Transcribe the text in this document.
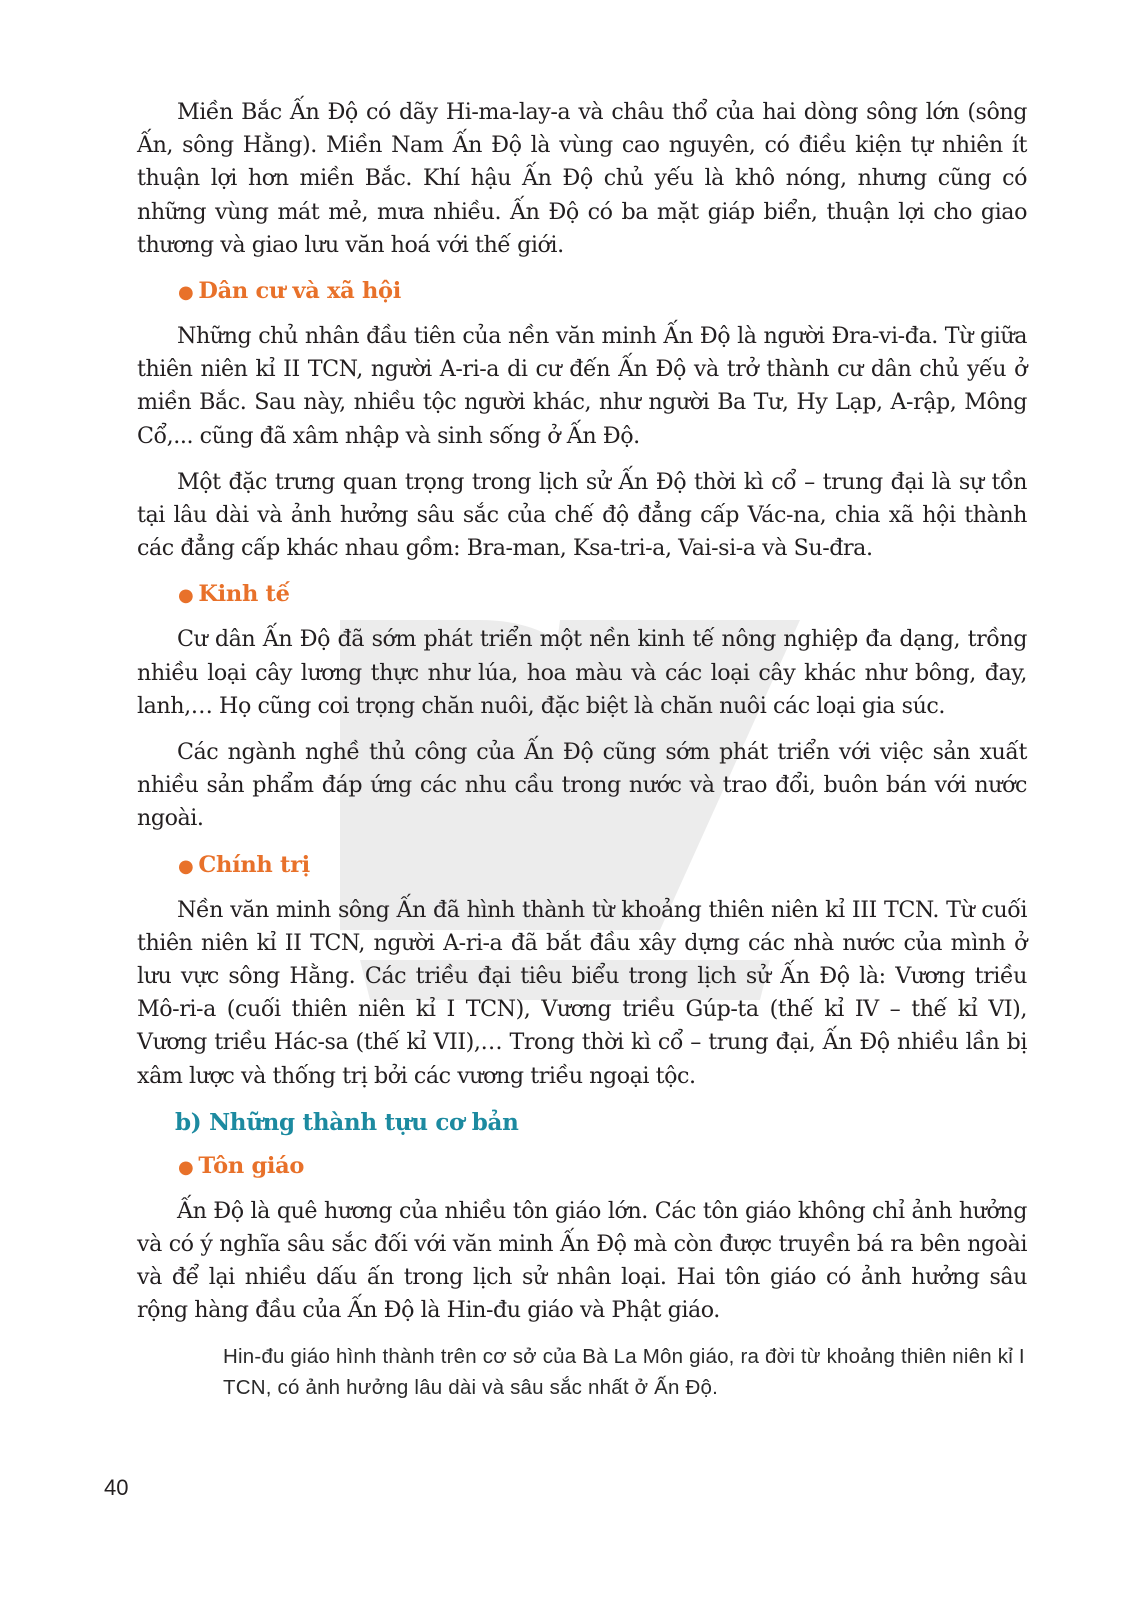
Miền Bắc Ấn Độ có dãy Hi-ma-lay-a và châu thổ của hai dòng sông lớn (sông Ấn, sông Hằng). Miền Nam Ấn Độ là vùng cao nguyên, có điều kiện tự nhiên ít thuận lợi hơn miền Bắc. Khí hậu Ấn Độ chủ yếu là khô nóng, nhưng cũng có những vùng mát mẻ, mưa nhiều. Ấn Độ có ba mặt giáp biển, thuận lợi cho giao thương và giao lưu văn hoá với thế giới.

● Dân cư và xã hội

Những chủ nhân đầu tiên của nền văn minh Ấn Độ là người Đra-vi-đa. Từ giữa thiên niên kỉ II TCN, người A-ri-a di cư đến Ấn Độ và trở thành cư dân chủ yếu ở miền Bắc. Sau này, nhiều tộc người khác, như người Ba Tư, Hy Lạp, A-rập, Mông Cổ,... cũng đã xâm nhập và sinh sống ở Ấn Độ.

Một đặc trưng quan trọng trong lịch sử Ấn Độ thời kì cổ – trung đại là sự tồn tại lâu dài và ảnh hưởng sâu sắc của chế độ đẳng cấp Vác-na, chia xã hội thành các đẳng cấp khác nhau gồm: Bra-man, Ksa-tri-a, Vai-si-a và Su-đra.

● Kinh tế

Cư dân Ấn Độ đã sớm phát triển một nền kinh tế nông nghiệp đa dạng, trồng nhiều loại cây lương thực như lúa, hoa màu và các loại cây khác như bông, đay, lanh,… Họ cũng coi trọng chăn nuôi, đặc biệt là chăn nuôi các loại gia súc.

Các ngành nghề thủ công của Ấn Độ cũng sớm phát triển với việc sản xuất nhiều sản phẩm đáp ứng các nhu cầu trong nước và trao đổi, buôn bán với nước ngoài.

● Chính trị

Nền văn minh sông Ấn đã hình thành từ khoảng thiên niên kỉ III TCN. Từ cuối thiên niên kỉ II TCN, người A-ri-a đã bắt đầu xây dựng các nhà nước của mình ở lưu vực sông Hằng. Các triều đại tiêu biểu trong lịch sử Ấn Độ là: Vương triều Mô-ri-a (cuối thiên niên kỉ I TCN), Vương triều Gúp-ta (thế kỉ IV – thế kỉ VI), Vương triều Hác-sa (thế kỉ VII),… Trong thời kì cổ – trung đại, Ấn Độ nhiều lần bị xâm lược và thống trị bởi các vương triều ngoại tộc.

b) Những thành tựu cơ bản
● Tôn giáo

Ấn Độ là quê hương của nhiều tôn giáo lớn. Các tôn giáo không chỉ ảnh hưởng và có ý nghĩa sâu sắc đối với văn minh Ấn Độ mà còn được truyền bá ra bên ngoài và để lại nhiều dấu ấn trong lịch sử nhân loại. Hai tôn giáo có ảnh hưởng sâu rộng hàng đầu của Ấn Độ là Hin-đu giáo và Phật giáo.

Hin-đu giáo hình thành trên cơ sở của Bà La Môn giáo, ra đời từ khoảng thiên niên kỉ I TCN, có ảnh hưởng lâu dài và sâu sắc nhất ở Ấn Độ.
40
